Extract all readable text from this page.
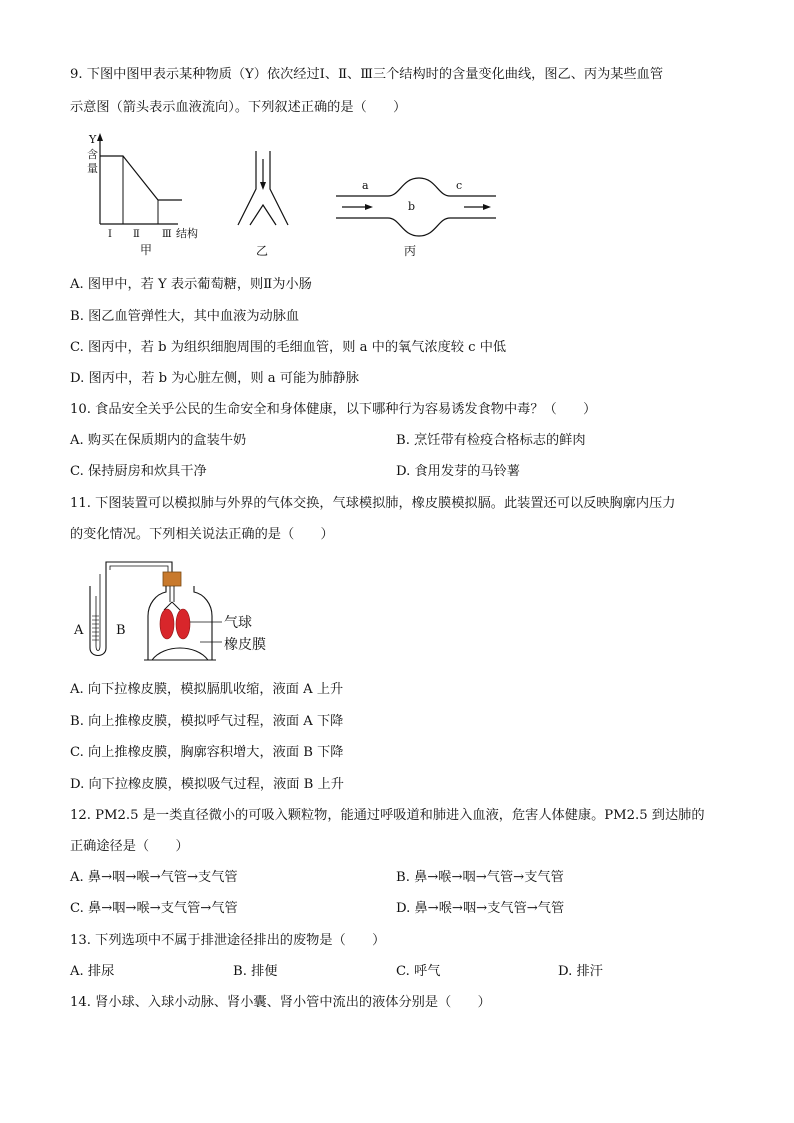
9. 下图中图甲表示某种物质（Y）依次经过Ⅰ、Ⅱ、Ⅲ三个结构时的含量变化曲线，图乙、丙为某些血管
示意图（箭头表示血液流向）。下列叙述正确的是（　　）
Y
含
量
Ⅰ Ⅱ Ⅲ 结构
甲	乙
a
b
c
丙
A. 图甲中，若 Y 表示葡萄糖，则Ⅱ为小肠
B. 图乙血管弹性大，其中血液为动脉血
C. 图丙中，若 b 为组织细胞周围的毛细血管，则 a 中的氧气浓度较 c 中低
D. 图丙中，若 b 为心脏左侧，则 a 可能为肺静脉
10. 食品安全关乎公民的生命安全和身体健康，以下哪种行为容易诱发食物中毒？（　　）
A. 购买在保质期内的盒装牛奶	B. 烹饪带有检疫合格标志的鲜肉
C. 保持厨房和炊具干净	D. 食用发芽的马铃薯
11. 下图装置可以模拟肺与外界的气体交换，气球模拟肺，橡皮膜模拟膈。此装置还可以反映胸廓内压力
的变化情况。下列相关说法正确的是（　　）
A	B	气球
橡皮膜
A. 向下拉橡皮膜，模拟膈肌收缩，液面 A 上升
B. 向上推橡皮膜，模拟呼气过程，液面 A 下降
C. 向上推橡皮膜，胸廓容积增大，液面 B 下降
D. 向下拉橡皮膜，模拟吸气过程，液面 B 上升
12. PM2.5 是一类直径微小的可吸入颗粒物，能通过呼吸道和肺进入血液，危害人体健康。PM2.5 到达肺的
正确途径是（　　）
A. 鼻→咽→喉→气管→支气管	B. 鼻→喉→咽→气管→支气管
C. 鼻→咽→喉→支气管→气管	D. 鼻→喉→咽→支气管→气管
13. 下列选项中不属于排泄途径排出的废物是（　　）
A. 排尿	B. 排便	C. 呼气	D. 排汗
14. 肾小球、入球小动脉、肾小囊、肾小管中流出的液体分别是（　　）
